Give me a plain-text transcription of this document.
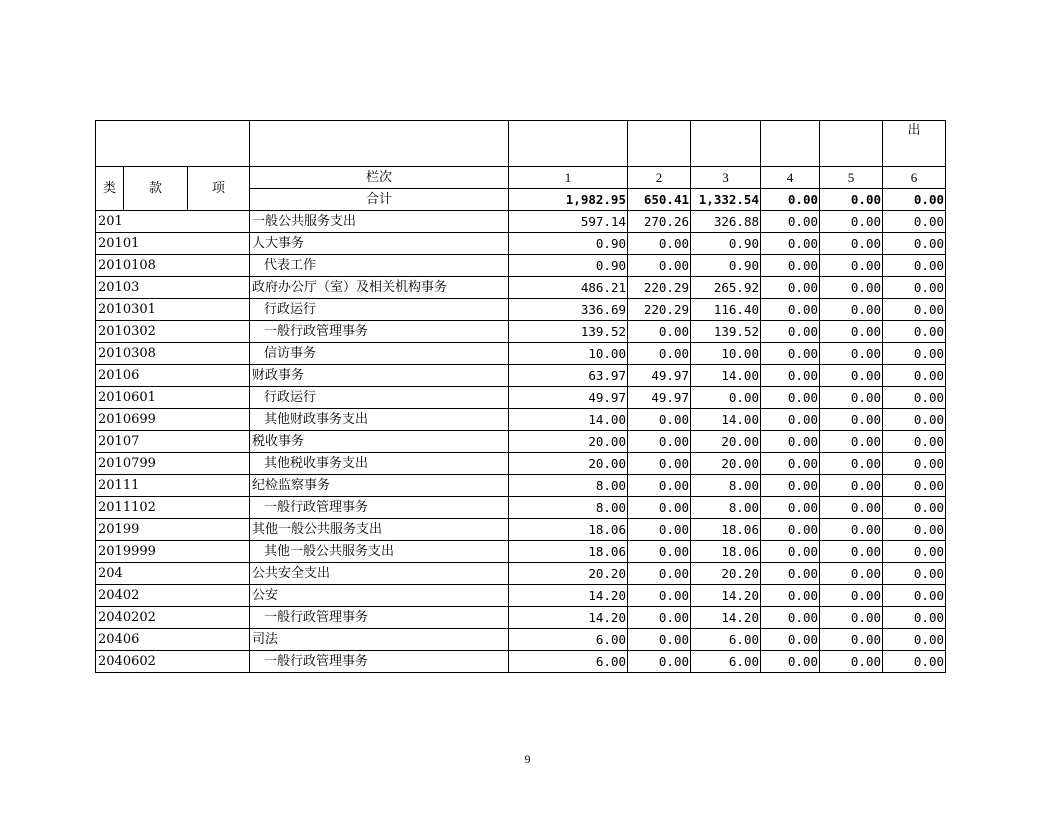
									出
类	款	项	栏次	1	2	3	4	5	6
			合计	1,982.95	650.41	1,332.54	0.00	0.00	0.00
201			一般公共服务支出	597.14	270.26	326.88	0.00	0.00	0.00
20101			人大事务	0.90	0.00	0.90	0.00	0.00	0.00
2010108			代表工作	0.90	0.00	0.90	0.00	0.00	0.00
20103			政府办公厅（室）及相关机构事务	486.21	220.29	265.92	0.00	0.00	0.00
2010301			行政运行	336.69	220.29	116.40	0.00	0.00	0.00
2010302			一般行政管理事务	139.52	0.00	139.52	0.00	0.00	0.00
2010308			信访事务	10.00	0.00	10.00	0.00	0.00	0.00
20106			财政事务	63.97	49.97	14.00	0.00	0.00	0.00
2010601			行政运行	49.97	49.97	0.00	0.00	0.00	0.00
2010699			其他财政事务支出	14.00	0.00	14.00	0.00	0.00	0.00
20107			税收事务	20.00	0.00	20.00	0.00	0.00	0.00
2010799			其他税收事务支出	20.00	0.00	20.00	0.00	0.00	0.00
20111			纪检监察事务	8.00	0.00	8.00	0.00	0.00	0.00
2011102			一般行政管理事务	8.00	0.00	8.00	0.00	0.00	0.00
20199			其他一般公共服务支出	18.06	0.00	18.06	0.00	0.00	0.00
2019999			其他一般公共服务支出	18.06	0.00	18.06	0.00	0.00	0.00
204			公共安全支出	20.20	0.00	20.20	0.00	0.00	0.00
20402			公安	14.20	0.00	14.20	0.00	0.00	0.00
2040202			一般行政管理事务	14.20	0.00	14.20	0.00	0.00	0.00
20406			司法	6.00	0.00	6.00	0.00	0.00	0.00
2040602			一般行政管理事务	6.00	0.00	6.00	0.00	0.00	0.00
9
